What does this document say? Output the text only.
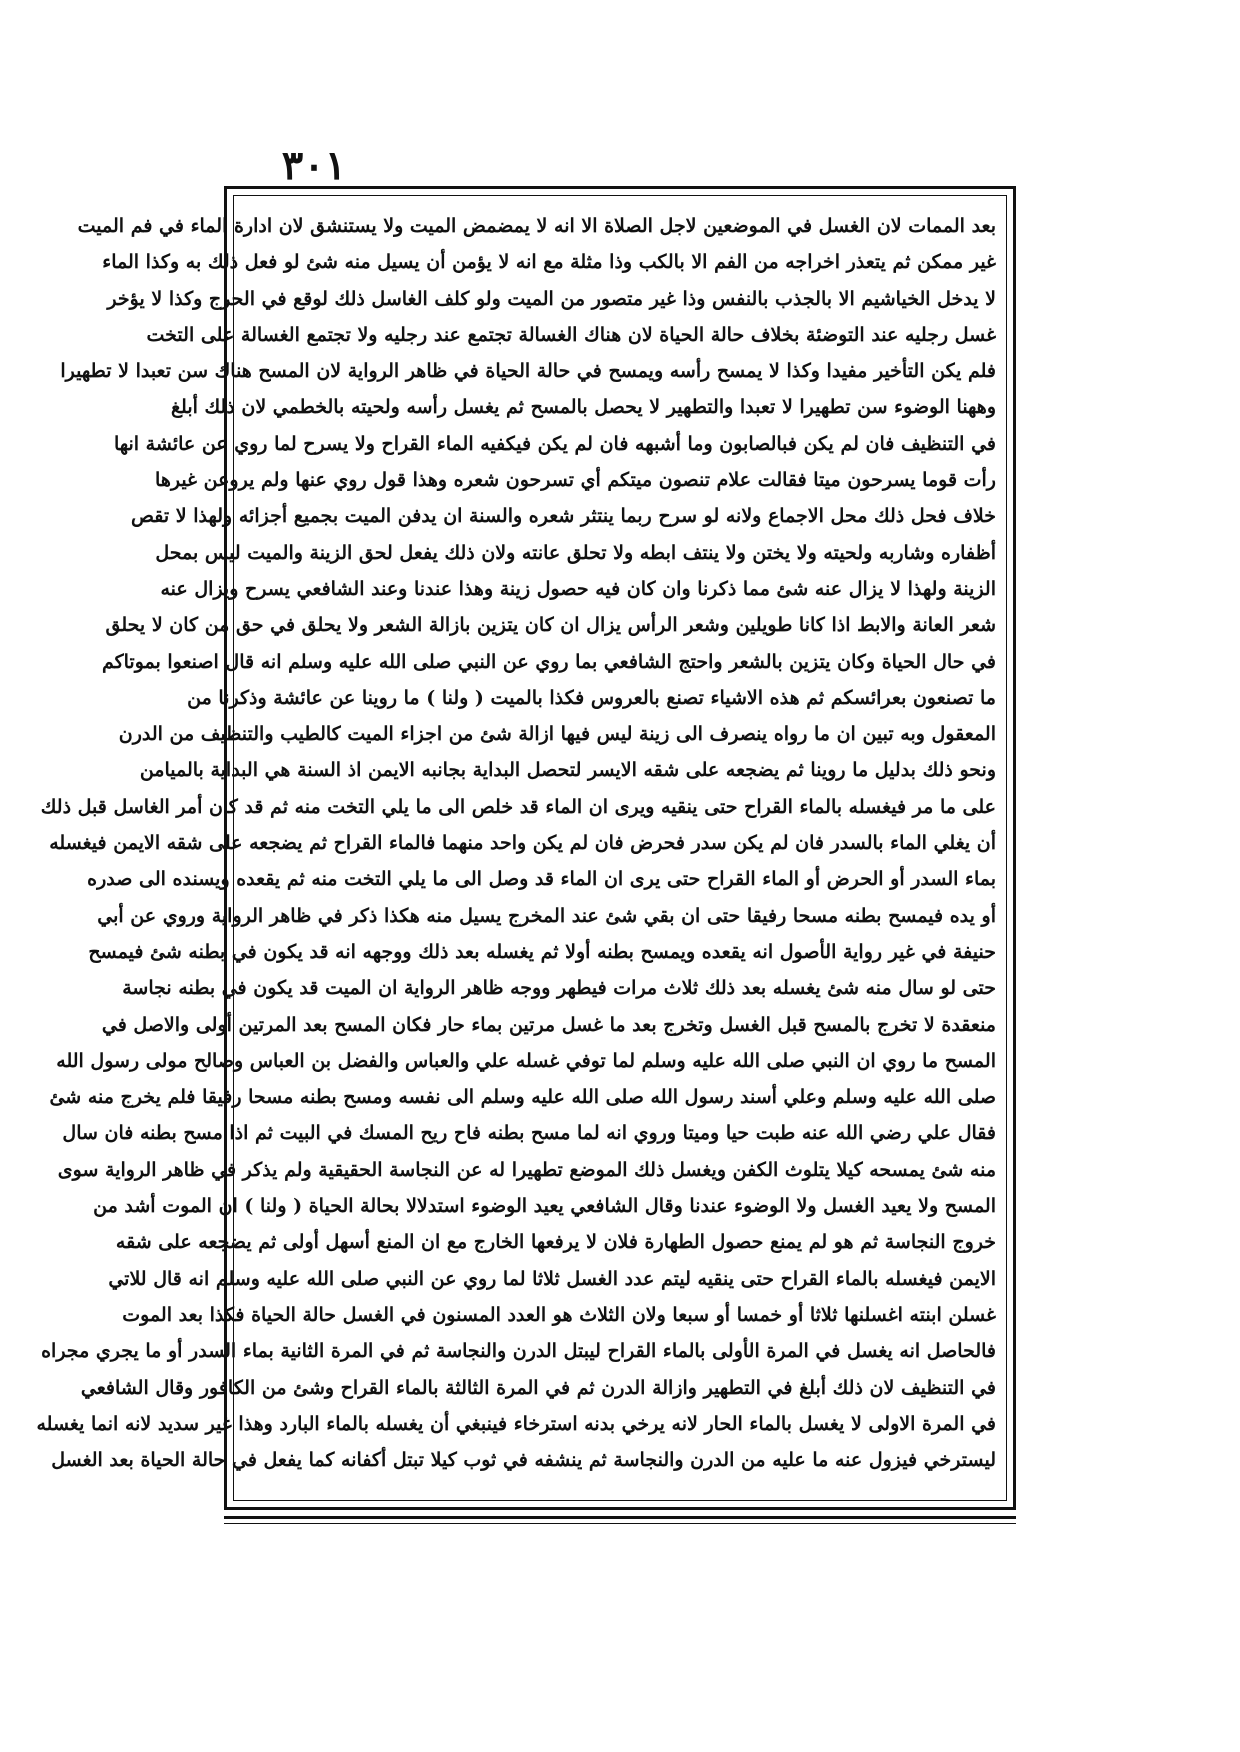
٣٠١
بعد الممات لان الغسل في الموضعين لاجل الصلاة الا انه لا يمضمض الميت ولا يستنشق لان ادارة الماء في فم الميت
غير ممكن ثم يتعذر اخراجه من الفم الا بالكب وذا مثلة مع انه لا يؤمن أن يسيل منه شئ لو فعل ذلك به وكذا الماء
لا يدخل الخياشيم الا بالجذب بالنفس وذا غير متصور من الميت ولو كلف الغاسل ذلك لوقع في الحرج وكذا لا يؤخر
غسل رجليه عند التوضئة بخلاف حالة الحياة لان هناك الغسالة تجتمع عند رجليه ولا تجتمع الغسالة على التخت
فلم يكن التأخير مفيدا وكذا لا يمسح رأسه ويمسح في حالة الحياة في ظاهر الرواية لان المسح هناك سن تعبدا لا تطهيرا
وههنا الوضوء سن تطهيرا لا تعبدا والتطهير لا يحصل بالمسح ثم يغسل رأسه ولحيته بالخطمي لان ذلك أبلغ
في التنظيف فان لم يكن فبالصابون وما أشبهه فان لم يكن فيكفيه الماء القراح ولا يسرح لما روي عن عائشة انها
رأت قوما يسرحون ميتا فقالت علام تنصون ميتكم أي تسرحون شعره وهذا قول روي عنها ولم يروعن غيرها
خلاف فحل ذلك محل الاجماع ولانه لو سرح ربما ينتثر شعره والسنة ان يدفن الميت بجميع أجزائه ولهذا لا تقص
أظفاره وشاربه ولحيته ولا يختن ولا ينتف ابطه ولا تحلق عانته ولان ذلك يفعل لحق الزينة والميت ليس بمحل
الزينة ولهذا لا يزال عنه شئ مما ذكرنا وان كان فيه حصول زينة وهذا عندنا وعند الشافعي يسرح ويزال عنه
شعر العانة والابط اذا كانا طويلين وشعر الرأس يزال ان كان يتزين بازالة الشعر ولا يحلق في حق من كان لا يحلق
في حال الحياة وكان يتزين بالشعر واحتج الشافعي بما روي عن النبي صلى الله عليه وسلم انه قال اصنعوا بموتاكم
ما تصنعون بعرائسكم ثم هذه الاشياء تصنع بالعروس فكذا بالميت ( ولنا ) ما روينا عن عائشة وذكرنا من
المعقول وبه تبين ان ما رواه ينصرف الى زينة ليس فيها ازالة شئ من اجزاء الميت كالطيب والتنظيف من الدرن
ونحو ذلك بدليل ما روينا ثم يضجعه على شقه الايسر لتحصل البداية بجانبه الايمن اذ السنة هي البداية بالميامن
على ما مر فيغسله بالماء القراح حتى ينقيه ويرى ان الماء قد خلص الى ما يلي التخت منه ثم قد كان أمر الغاسل قبل ذلك
أن يغلي الماء بالسدر فان لم يكن سدر فحرض فان لم يكن واحد منهما فالماء القراح ثم يضجعه على شقه الايمن فيغسله
بماء السدر أو الحرض أو الماء القراح حتى يرى ان الماء قد وصل الى ما يلي التخت منه ثم يقعده ويسنده الى صدره
أو يده فيمسح بطنه مسحا رفيقا حتى ان بقي شئ عند المخرج يسيل منه هكذا ذكر في ظاهر الرواية وروي عن أبي
حنيفة في غير رواية الأصول انه يقعده ويمسح بطنه أولا ثم يغسله بعد ذلك ووجهه انه قد يكون في بطنه شئ فيمسح
حتى لو سال منه شئ يغسله بعد ذلك ثلاث مرات فيطهر ووجه ظاهر الرواية ان الميت قد يكون في بطنه نجاسة
منعقدة لا تخرج بالمسح قبل الغسل وتخرج بعد ما غسل مرتين بماء حار فكان المسح بعد المرتين أولى والاصل في
المسح ما روي ان النبي صلى الله عليه وسلم لما توفي غسله علي والعباس والفضل بن العباس وصالح مولى رسول الله
صلى الله عليه وسلم وعلي أسند رسول الله صلى الله عليه وسلم الى نفسه ومسح بطنه مسحا رفيقا فلم يخرج منه شئ
فقال علي رضي الله عنه طبت حيا وميتا وروي انه لما مسح بطنه فاح ريح المسك في البيت ثم اذا مسح بطنه فان سال
منه شئ يمسحه كيلا يتلوث الكفن ويغسل ذلك الموضع تطهيرا له عن النجاسة الحقيقية ولم يذكر في ظاهر الرواية سوى
المسح ولا يعيد الغسل ولا الوضوء عندنا وقال الشافعي يعيد الوضوء استدلالا بحالة الحياة ( ولنا ) ان الموت أشد من
خروج النجاسة ثم هو لم يمنع حصول الطهارة فلان لا يرفعها الخارج مع ان المنع أسهل أولى ثم يضجعه على شقه
الايمن فيغسله بالماء القراح حتى ينقيه ليتم عدد الغسل ثلاثا لما روي عن النبي صلى الله عليه وسلم انه قال للاتي
غسلن ابنته اغسلنها ثلاثا أو خمسا أو سبعا ولان الثلاث هو العدد المسنون في الغسل حالة الحياة فكذا بعد الموت
فالحاصل انه يغسل في المرة الأولى بالماء القراح ليبتل الدرن والنجاسة ثم في المرة الثانية بماء السدر أو ما يجري مجراه
في التنظيف لان ذلك أبلغ في التطهير وازالة الدرن ثم في المرة الثالثة بالماء القراح وشئ من الكافور وقال الشافعي
في المرة الاولى لا يغسل بالماء الحار لانه يرخي بدنه استرخاء فينبغي أن يغسله بالماء البارد وهذا غير سديد لانه انما يغسله
ليسترخي فيزول عنه ما عليه من الدرن والنجاسة ثم ينشفه في ثوب كيلا تبتل أكفانه كما يفعل في حالة الحياة بعد الغسل
